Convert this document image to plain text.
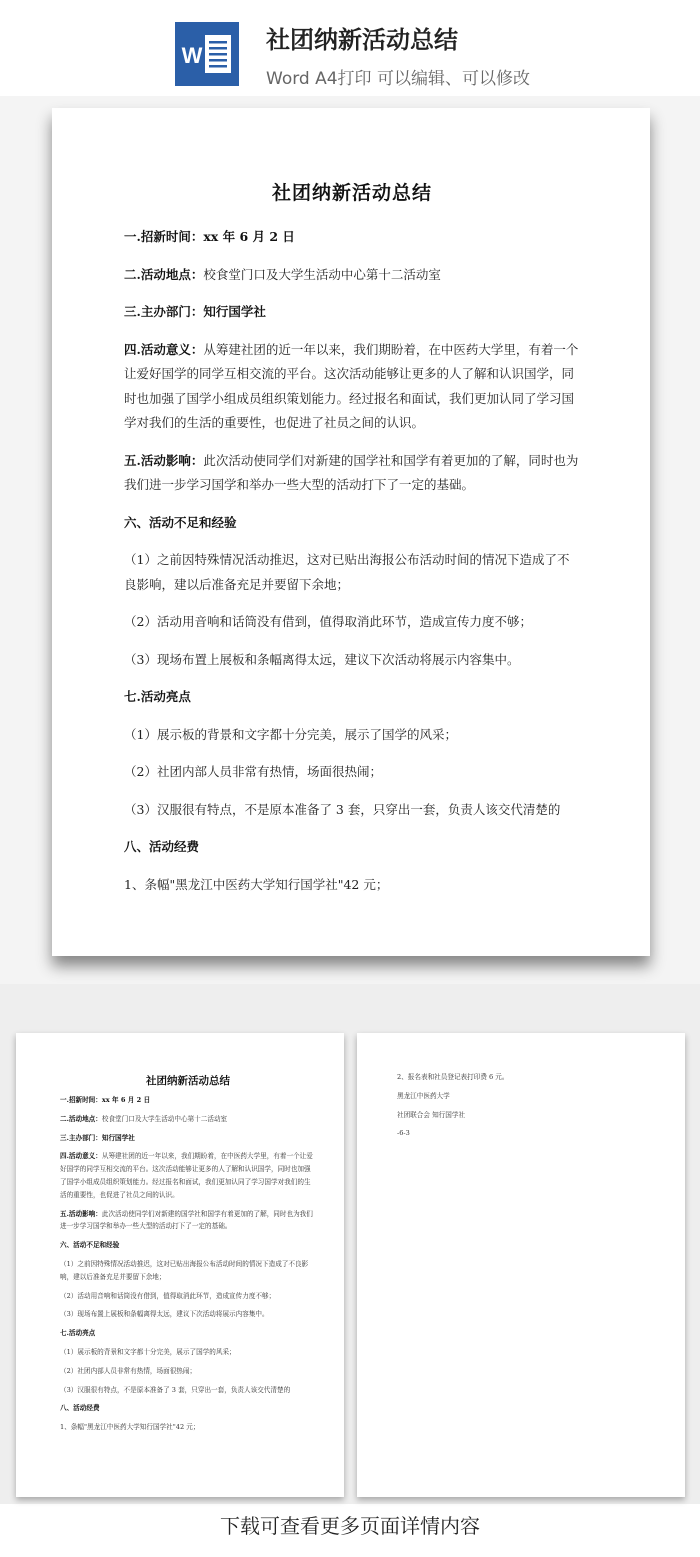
W
社团纳新活动总结
Word A4打印 可以编辑、可以修改
社团纳新活动总结

一.招新时间：xx 年 6 月 2 日

二.活动地点：校食堂门口及大学生活动中心第十二活动室

三.主办部门：知行国学社

四.活动意义：从筹建社团的近一年以来，我们期盼着，在中医药大学里，有着一个让爱好国学的同学互相交流的平台。这次活动能够让更多的人了解和认识国学，同时也加强了国学小组成员组织策划能力。经过报名和面试，我们更加认同了学习国学对我们的生活的重要性，也促进了社员之间的认识。

五.活动影响：此次活动使同学们对新建的国学社和国学有着更加的了解，同时也为我们进一步学习国学和举办一些大型的活动打下了一定的基础。

六、活动不足和经验

（1）之前因特殊情况活动推迟，这对已贴出海报公布活动时间的情况下造成了不良影响，建以后准备充足并要留下余地；

（2）活动用音响和话筒没有借到，值得取消此环节，造成宣传力度不够；

（3）现场布置上展板和条幅离得太远，建议下次活动将展示内容集中。

七.活动亮点

（1）展示板的背景和文字都十分完美，展示了国学的风采；

（2）社团内部人员非常有热情，场面很热闹；

（3）汉服很有特点，不是原本准备了 3 套，只穿出一套，负责人该交代清楚的

八、活动经费

1、条幅"黑龙江中医药大学知行国学社"42 元；

社团纳新活动总结

一.招新时间：xx 年 6 月 2 日

二.活动地点：校食堂门口及大学生活动中心第十二活动室

三.主办部门：知行国学社

四.活动意义：从筹建社团的近一年以来，我们期盼着，在中医药大学里，有着一个让爱好国学的同学互相交流的平台。这次活动能够让更多的人了解和认识国学，同时也加强了国学小组成员组织策划能力。经过报名和面试，我们更加认同了学习国学对我们的生活的重要性，也促进了社员之间的认识。

五.活动影响：此次活动使同学们对新建的国学社和国学有着更加的了解，同时也为我们进一步学习国学和举办一些大型的活动打下了一定的基础。

六、活动不足和经验

（1）之前因特殊情况活动推迟，这对已贴出海报公布活动时间的情况下造成了不良影响，建以后准备充足并要留下余地；

（2）活动用音响和话筒没有借到，值得取消此环节，造成宣传力度不够；

（3）现场布置上展板和条幅离得太远，建议下次活动将展示内容集中。

七.活动亮点

（1）展示板的背景和文字都十分完美，展示了国学的风采；

（2）社团内部人员非常有热情，场面很热闹；

（3）汉服很有特点，不是原本准备了 3 套，只穿出一套，负责人该交代清楚的

八、活动经费

1、条幅"黑龙江中医药大学知行国学社"42 元；

2、报名表和社员登记表打印费 6 元。

黑龙江中医药大学

社团联合会 知行国学社

-6-3

下载可查看更多页面详情内容
